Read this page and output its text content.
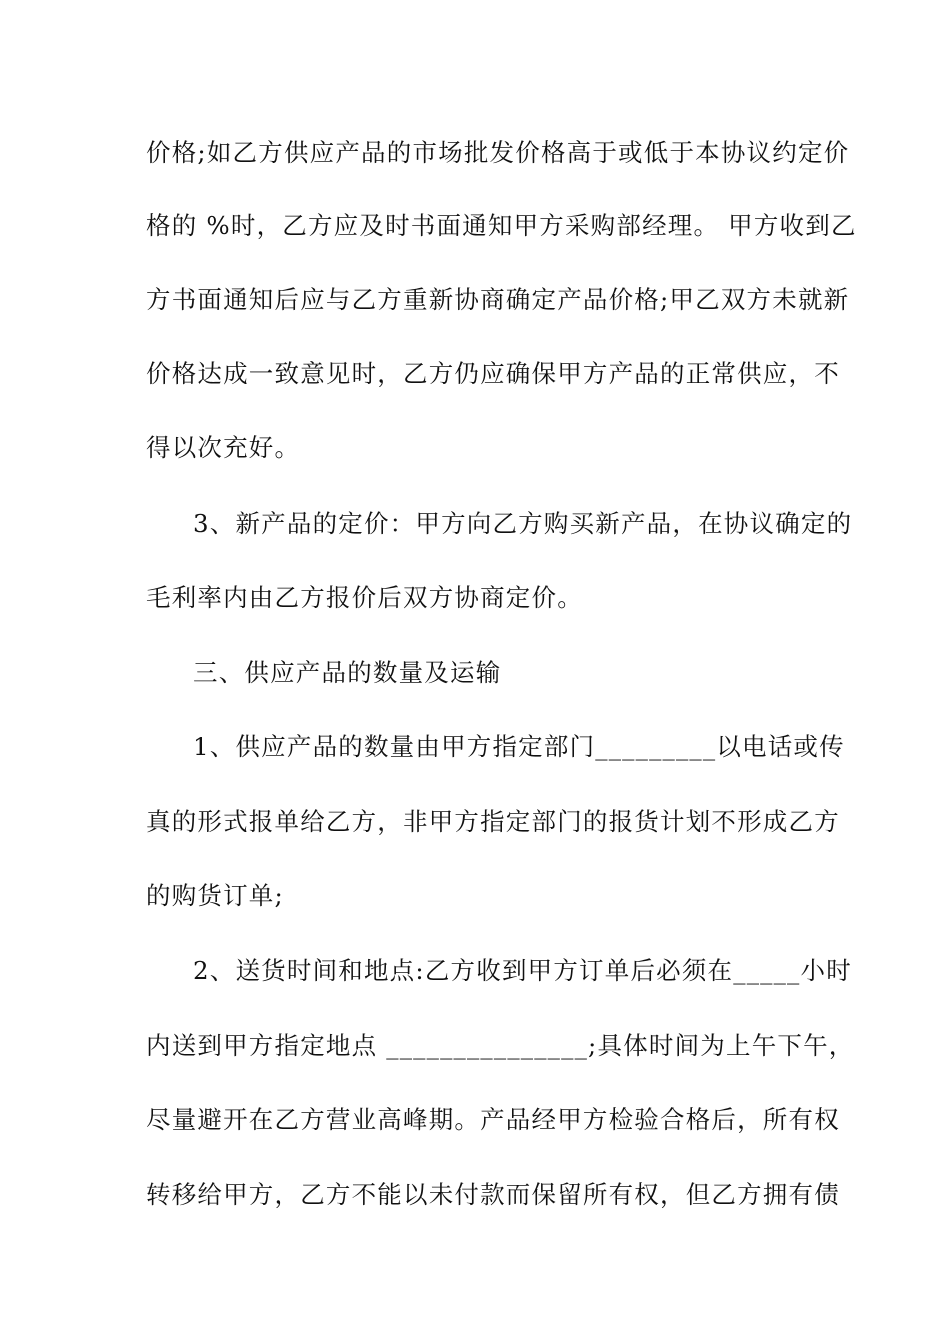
价格;如乙方供应产品的市场批发价格高于或低于本协议约定价
格的 %时，乙方应及时书面通知甲方采购部经理。 甲方收到乙
方书面通知后应与乙方重新协商确定产品价格;甲乙双方未就新
价格达成一致意见时，乙方仍应确保甲方产品的正常供应，不
得以次充好。
3、新产品的定价：甲方向乙方购买新产品，在协议确定的
毛利率内由乙方报价后双方协商定价。
三、供应产品的数量及运输
1、供应产品的数量由甲方指定部门_________以电话或传
真的形式报单给乙方，非甲方指定部门的报货计划不形成乙方
的购货订单;
2、送货时间和地点:乙方收到甲方订单后必须在_____小时
内送到甲方指定地点 _______________;具体时间为上午下午，
尽量避开在乙方营业高峰期。产品经甲方检验合格后，所有权
转移给甲方，乙方不能以未付款而保留所有权，但乙方拥有债
